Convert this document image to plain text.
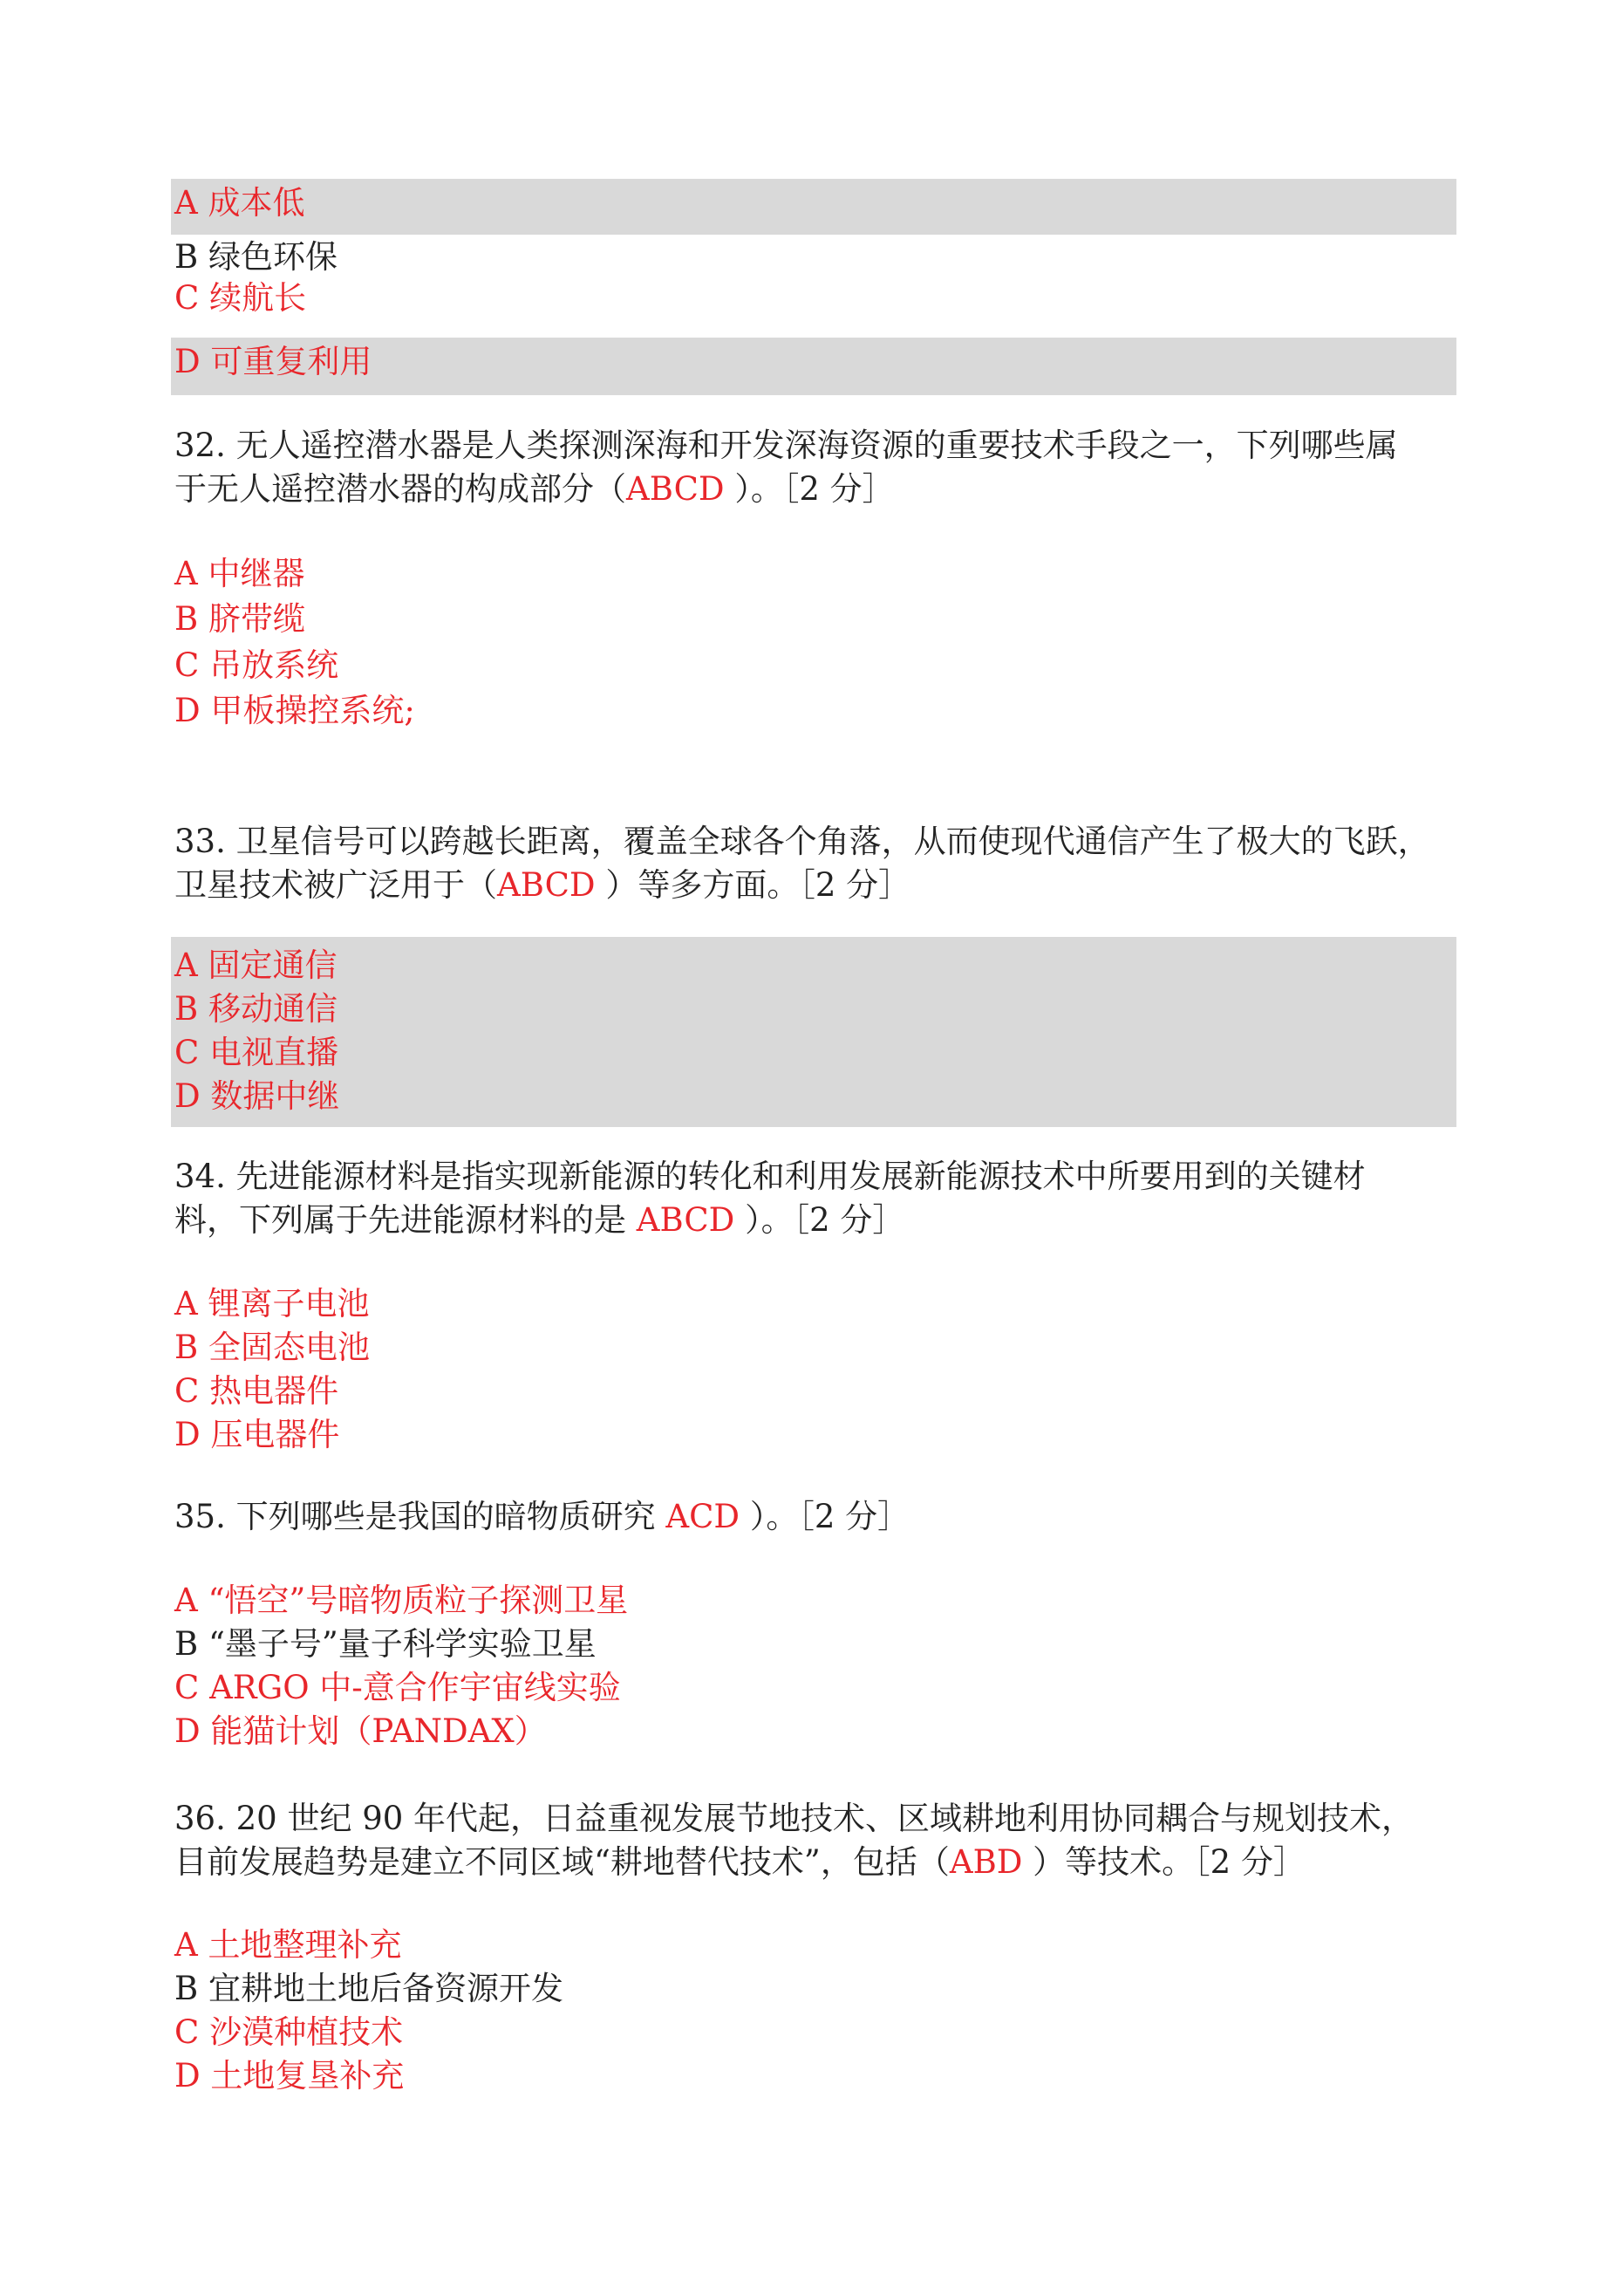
A 成本低
B 绿色环保
C 续航长
D 可重复利用
32. 无人遥控潜水器是人类探测深海和开发深海资源的重要技术手段之一，下列哪些属
于无人遥控潜水器的构成部分（ABCD ）。［2 分］
A 中继器
B 脐带缆
C 吊放系统
D 甲板操控系统;
33. 卫星信号可以跨越长距离，覆盖全球各个角落，从而使现代通信产生了极大的飞跃，
卫星技术被广泛用于（ABCD ）等多方面。［2 分］
A 固定通信
B 移动通信
C 电视直播
D 数据中继
34. 先进能源材料是指实现新能源的转化和利用发展新能源技术中所要用到的关键材
料，下列属于先进能源材料的是 ABCD ）。［2 分］
A 锂离子电池
B 全固态电池
C 热电器件
D 压电器件
35. 下列哪些是我国的暗物质研究 ACD ）。［2 分］
A “悟空”号暗物质粒子探测卫星
B “墨子号”量子科学实验卫星
C ARGO 中-意合作宇宙线实验
D 能猫计划（PANDAX）
36. 20 世纪 90 年代起，日益重视发展节地技术、区域耕地利用协同耦合与规划技术，
目前发展趋势是建立不同区域“耕地替代技术”，包括（ABD ）等技术。［2 分］
A 土地整理补充
B 宜耕地土地后备资源开发
C 沙漠种植技术
D 土地复垦补充
